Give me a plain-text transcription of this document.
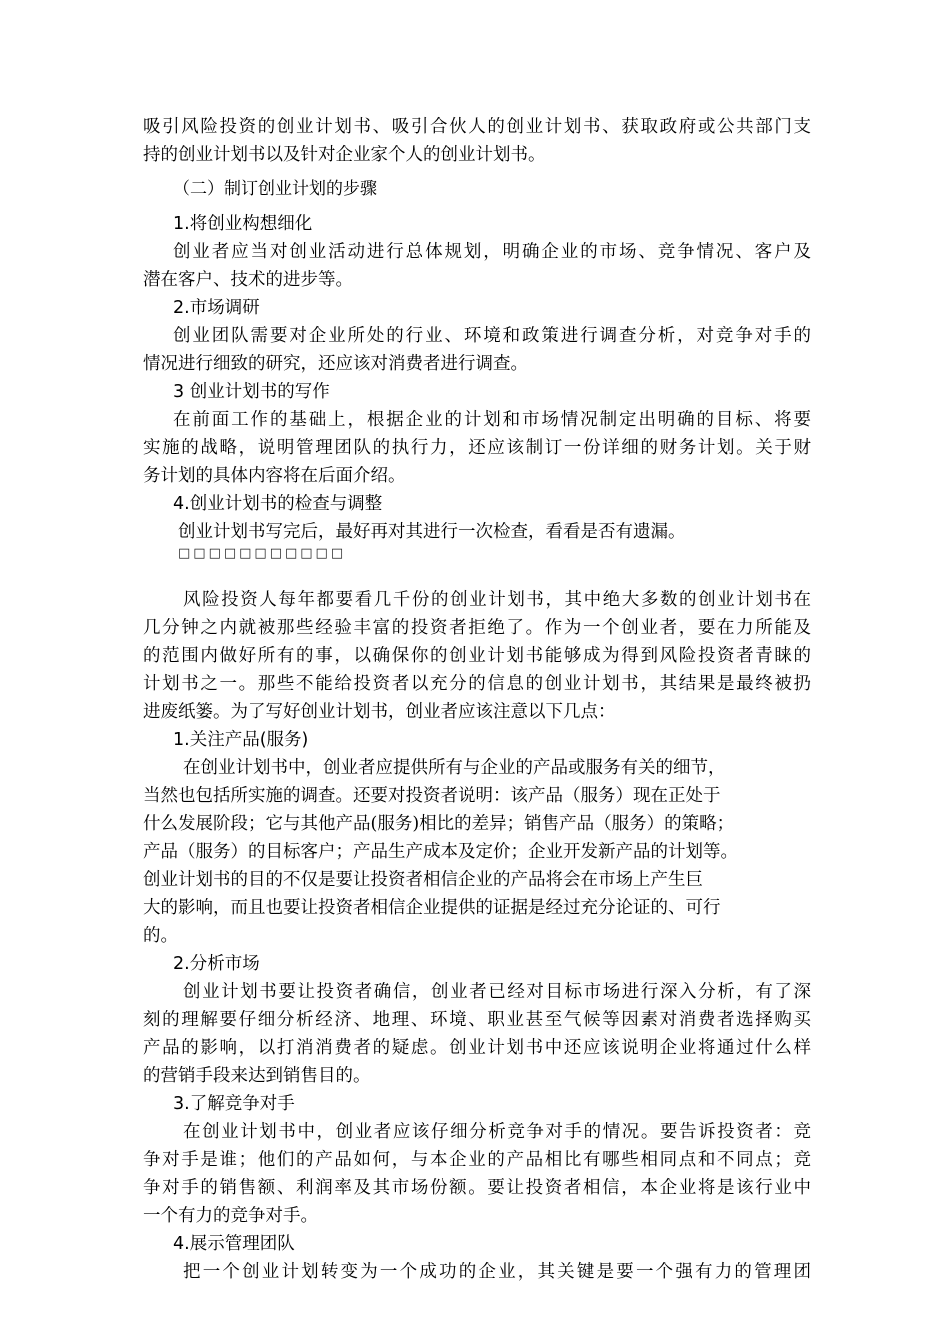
吸引风险投资的创业计划书、吸引合伙人的创业计划书、获取政府或公共部门支
持的创业计划书以及针对企业家个人的创业计划书。
（二）制订创业计划的步骤
1.将创业构想细化
创业者应当对创业活动进行总体规划，明确企业的市场、竞争情况、客户及
潜在客户、技术的进步等。
2.市场调研
创业团队需要对企业所处的行业、环境和政策进行调查分析，对竞争对手的
情况进行细致的研究，还应该对消费者进行调查。
3 创业计划书的写作
在前面工作的基础上，根据企业的计划和市场情况制定出明确的目标、将要
实施的战略，说明管理团队的执行力，还应该制订一份详细的财务计划。关于财
务计划的具体内容将在后面介绍。
4.创业计划书的检查与调整
创业计划书写完后，最好再对其进行一次检查，看看是否有遗漏。
□□□□□□□□□□□
风险投资人每年都要看几千份的创业计划书，其中绝大多数的创业计划书在
几分钟之内就被那些经验丰富的投资者拒绝了。作为一个创业者，要在力所能及
的范围内做好所有的事，以确保你的创业计划书能够成为得到风险投资者青睐的
计划书之一。那些不能给投资者以充分的信息的创业计划书，其结果是最终被扔
进废纸篓。为了写好创业计划书，创业者应该注意以下几点：
1.关注产品(服务)
在创业计划书中，创业者应提供所有与企业的产品或服务有关的细节，
当然也包括所实施的调查。还要对投资者说明：该产品（服务）现在正处于
什么发展阶段；它与其他产品(服务)相比的差异；销售产品（服务）的策略；
产品（服务）的目标客户；产品生产成本及定价；企业开发新产品的计划等。
创业计划书的目的不仅是要让投资者相信企业的产品将会在市场上产生巨
大的影响，而且也要让投资者相信企业提供的证据是经过充分论证的、可行
的。
2.分析市场
创业计划书要让投资者确信，创业者已经对目标市场进行深入分析，有了深
刻的理解要仔细分析经济、地理、环境、职业甚至气候等因素对消费者选择购买
产品的影响，以打消消费者的疑虑。创业计划书中还应该说明企业将通过什么样
的营销手段来达到销售目的。
3.了解竞争对手
在创业计划书中，创业者应该仔细分析竞争对手的情况。要告诉投资者：竞
争对手是谁；他们的产品如何，与本企业的产品相比有哪些相同点和不同点；竞
争对手的销售额、利润率及其市场份额。要让投资者相信，本企业将是该行业中
一个有力的竞争对手。
4.展示管理团队
把一个创业计划转变为一个成功的企业，其关键是要一个强有力的管理团
